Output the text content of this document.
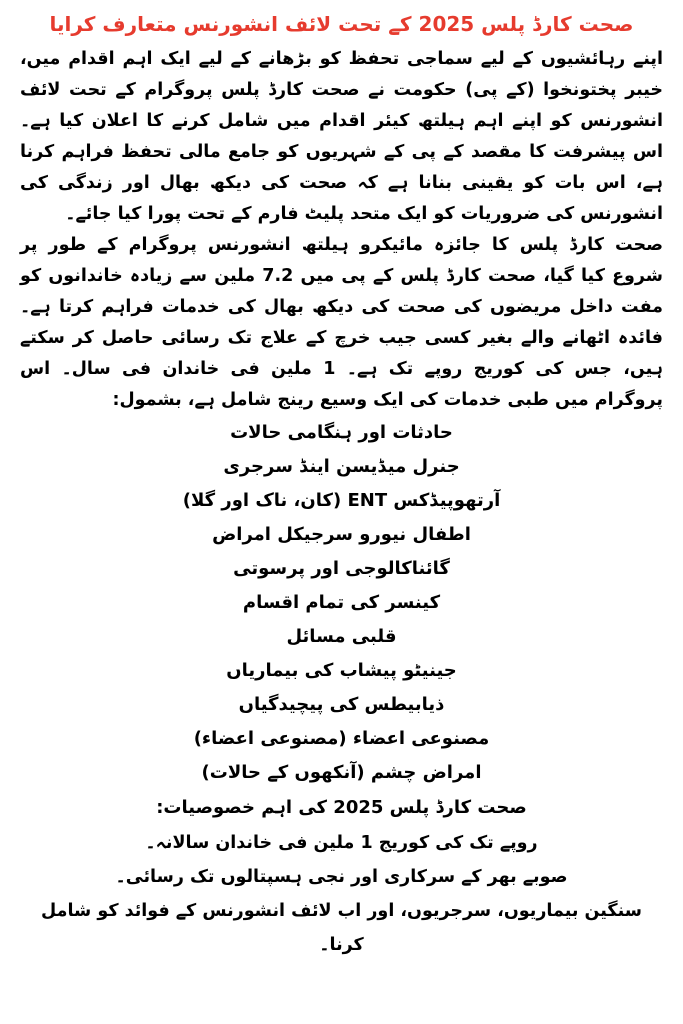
صحت کارڈ پلس 2025 کے تحت لائف انشورنس متعارف کرایا

اپنے رہائشیوں کے لیے سماجی تحفظ کو بڑھانے کے لیے ایک اہم اقدام میں، خیبر پختونخوا (کے پی) حکومت نے صحت کارڈ پلس پروگرام کے تحت لائف انشورنس کو اپنے اہم ہیلتھ کیئر اقدام میں شامل کرنے کا اعلان کیا ہے۔ اس پیشرفت کا مقصد کے پی کے شہریوں کو جامع مالی تحفظ فراہم کرنا ہے، اس بات کو یقینی بنانا ہے کہ صحت کی دیکھ بھال اور زندگی کی انشورنس کی ضروریات کو ایک متحد پلیٹ فارم کے تحت پورا کیا جائے۔

صحت کارڈ پلس کا جائزہ مائیکرو ہیلتھ انشورنس پروگرام کے طور پر شروع کیا گیا، صحت کارڈ پلس کے پی میں 7.2 ملین سے زیادہ خاندانوں کو مفت داخل مریضوں کی صحت کی دیکھ بھال کی خدمات فراہم کرتا ہے۔ فائدہ اٹھانے والے بغیر کسی جیب خرچ کے علاج تک رسائی حاصل کر سکتے ہیں، جس کی کوریج روپے تک ہے۔ 1 ملین فی خاندان فی سال۔ اس پروگرام میں طبی خدمات کی ایک وسیع رینج شامل ہے، بشمول:

حادثات اور ہنگامی حالات
جنرل میڈیسن اینڈ سرجری
آرتھوپیڈکس ENT (کان، ناک اور گلا)
اطفال نیورو سرجیکل امراض
گائناکالوجی اور پرسوتی
کینسر کی تمام اقسام
قلبی مسائل
جینیٹو پیشاب کی بیماریاں
ذیابیطس کی پیچیدگیاں
مصنوعی اعضاء (مصنوعی اعضاء)
امراض چشم (آنکھوں کے حالات)
صحت کارڈ پلس 2025 کی اہم خصوصیات:
روپے تک کی کوریج 1 ملین فی خاندان سالانہ۔
صوبے بھر کے سرکاری اور نجی ہسپتالوں تک رسائی۔
سنگین بیماریوں، سرجریوں، اور اب لائف انشورنس کے فوائد کو شامل کرنا۔
